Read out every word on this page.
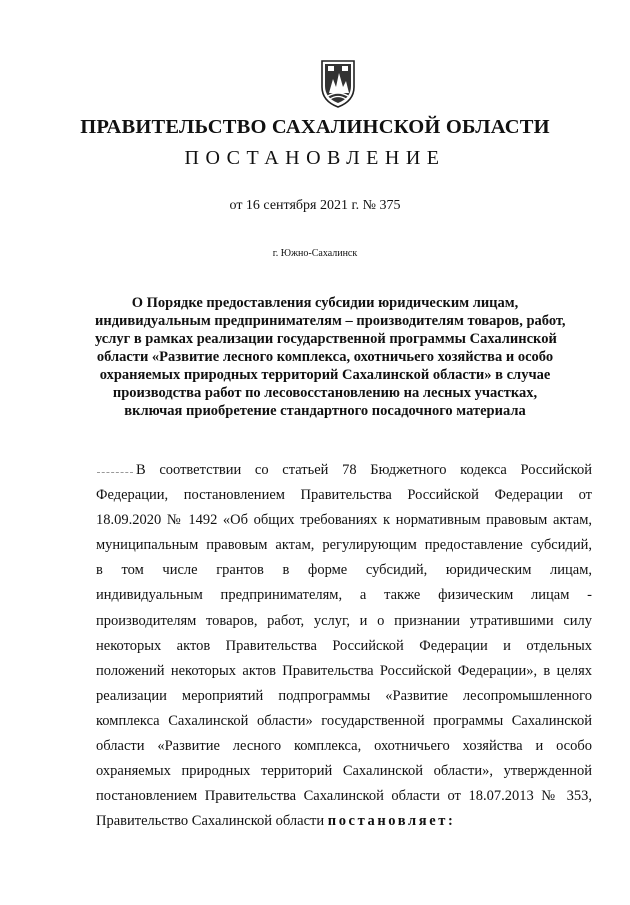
ПРАВИТЕЛЬСТВО САХАЛИНСКОЙ ОБЛАСТИ
ПОСТАНОВЛЕНИЕ
от 16 сентября 2021 г. № 375
г. Южно-Сахалинск
О Порядке предоставления субсидии юридическим лицам,
индивидуальным предпринимателям – производителям товаров, работ,
услуг в рамках реализации государственной программы Сахалинской
области «Развитие лесного комплекса, охотничьего хозяйства и особо
охраняемых природных территорий Сахалинской области» в случае
производства работ по лесовосстановлению на лесных участках,
включая приобретение стандартного посадочного материала
В соответствии со статьей 78 Бюджетного кодекса Российской
Федерации, постановлением Правительства Российской Федерации от
18.09.2020 № 1492 «Об общих требованиях к нормативным правовым актам,
муниципальным правовым актам, регулирующим предоставление субсидий,
в том числе грантов в форме субсидий, юридическим лицам,
индивидуальным предпринимателям, а также физическим лицам -
производителям товаров, работ, услуг, и о признании утратившими силу
некоторых актов Правительства Российской Федерации и отдельных
положений некоторых актов Правительства Российской Федерации», в целях
реализации мероприятий подпрограммы «Развитие лесопромышленного
комплекса Сахалинской области» государственной программы Сахалинской
области «Развитие лесного комплекса, охотничьего хозяйства и особо
охраняемых природных территорий Сахалинской области», утвержденной
постановлением Правительства Сахалинской области от 18.07.2013 № 353,
Правительство Сахалинской области постановляет:
